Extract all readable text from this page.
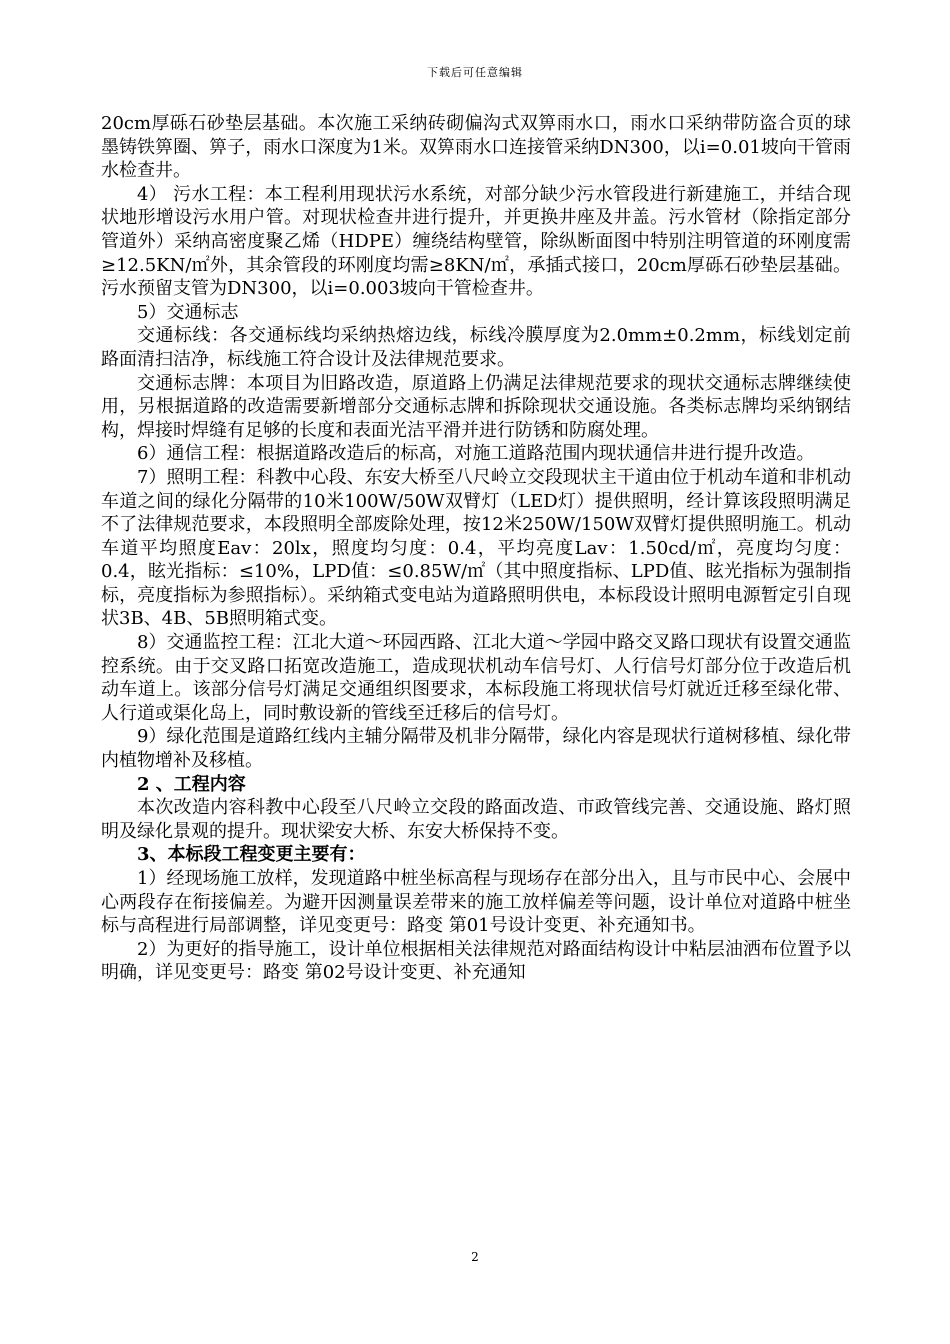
下载后可任意编辑

20cm厚砾石砂垫层基础。本次施工采纳砖砌偏沟式双箅雨水口，雨水口采纳带防盗合页的球墨铸铁箅圈、箅子，雨水口深度为1米。双箅雨水口连接管采纳DN300，以i=0.01坡向干管雨水检查井。

4） 污水工程：本工程利用现状污水系统，对部分缺少污水管段进行新建施工，并结合现状地形增设污水用户管。对现状检查井进行提升，并更换井座及井盖。污水管材（除指定部分管道外）采纳高密度聚乙烯（HDPE）缠绕结构壁管，除纵断面图中特别注明管道的环刚度需≥12.5KN/㎡外，其余管段的环刚度均需≥8KN/㎡，承插式接口，20cm厚砾石砂垫层基础。污水预留支管为DN300，以i=0.003坡向干管检查井。

5）交通标志

交通标线：各交通标线均采纳热熔边线，标线冷膜厚度为2.0mm±0.2mm，标线划定前路面清扫洁净，标线施工符合设计及法律规范要求。

交通标志牌：本项目为旧路改造，原道路上仍满足法律规范要求的现状交通标志牌继续使用，另根据道路的改造需要新增部分交通标志牌和拆除现状交通设施。各类标志牌均采纳钢结构，焊接时焊缝有足够的长度和表面光洁平滑并进行防锈和防腐处理。

6）通信工程：根据道路改造后的标高，对施工道路范围内现状通信井进行提升改造。

7）照明工程：科教中心段、东安大桥至八尺岭立交段现状主干道由位于机动车道和非机动车道之间的绿化分隔带的10米100W/50W双臂灯（LED灯）提供照明，经计算该段照明满足不了法律规范要求，本段照明全部废除处理，按12米250W/150W双臂灯提供照明施工。机动车道平均照度Eav：20lx，照度均匀度：0.4，平均亮度Lav：1.50cd/㎡，亮度均匀度：0.4，眩光指标：≤10%，LPD值：≤0.85W/㎡（其中照度指标、LPD值、眩光指标为强制指标，亮度指标为参照指标）。采纳箱式变电站为道路照明供电，本标段设计照明电源暂定引自现状3B、4B、5B照明箱式变。

8）交通监控工程：江北大道～环园西路、江北大道～学园中路交叉路口现状有设置交通监控系统。由于交叉路口拓宽改造施工，造成现状机动车信号灯、人行信号灯部分位于改造后机动车道上。该部分信号灯满足交通组织图要求，本标段施工将现状信号灯就近迁移至绿化带、人行道或渠化岛上，同时敷设新的管线至迁移后的信号灯。

9）绿化范围是道路红线内主辅分隔带及机非分隔带，绿化内容是现状行道树移植、绿化带内植物增补及移植。

2 、工程内容

本次改造内容科教中心段至八尺岭立交段的路面改造、市政管线完善、交通设施、路灯照明及绿化景观的提升。现状梁安大桥、东安大桥保持不变。

3、本标段工程变更主要有：

1）经现场施工放样，发现道路中桩坐标高程与现场存在部分出入，且与市民中心、会展中心两段存在衔接偏差。为避开因测量误差带来的施工放样偏差等问题，设计单位对道路中桩坐标与高程进行局部调整，详见变更号：路变 第01号设计变更、补充通知书。

2）为更好的指导施工，设计单位根据相关法律规范对路面结构设计中粘层油洒布位置予以明确，详见变更号：路变 第02号设计变更、补充通知

2
